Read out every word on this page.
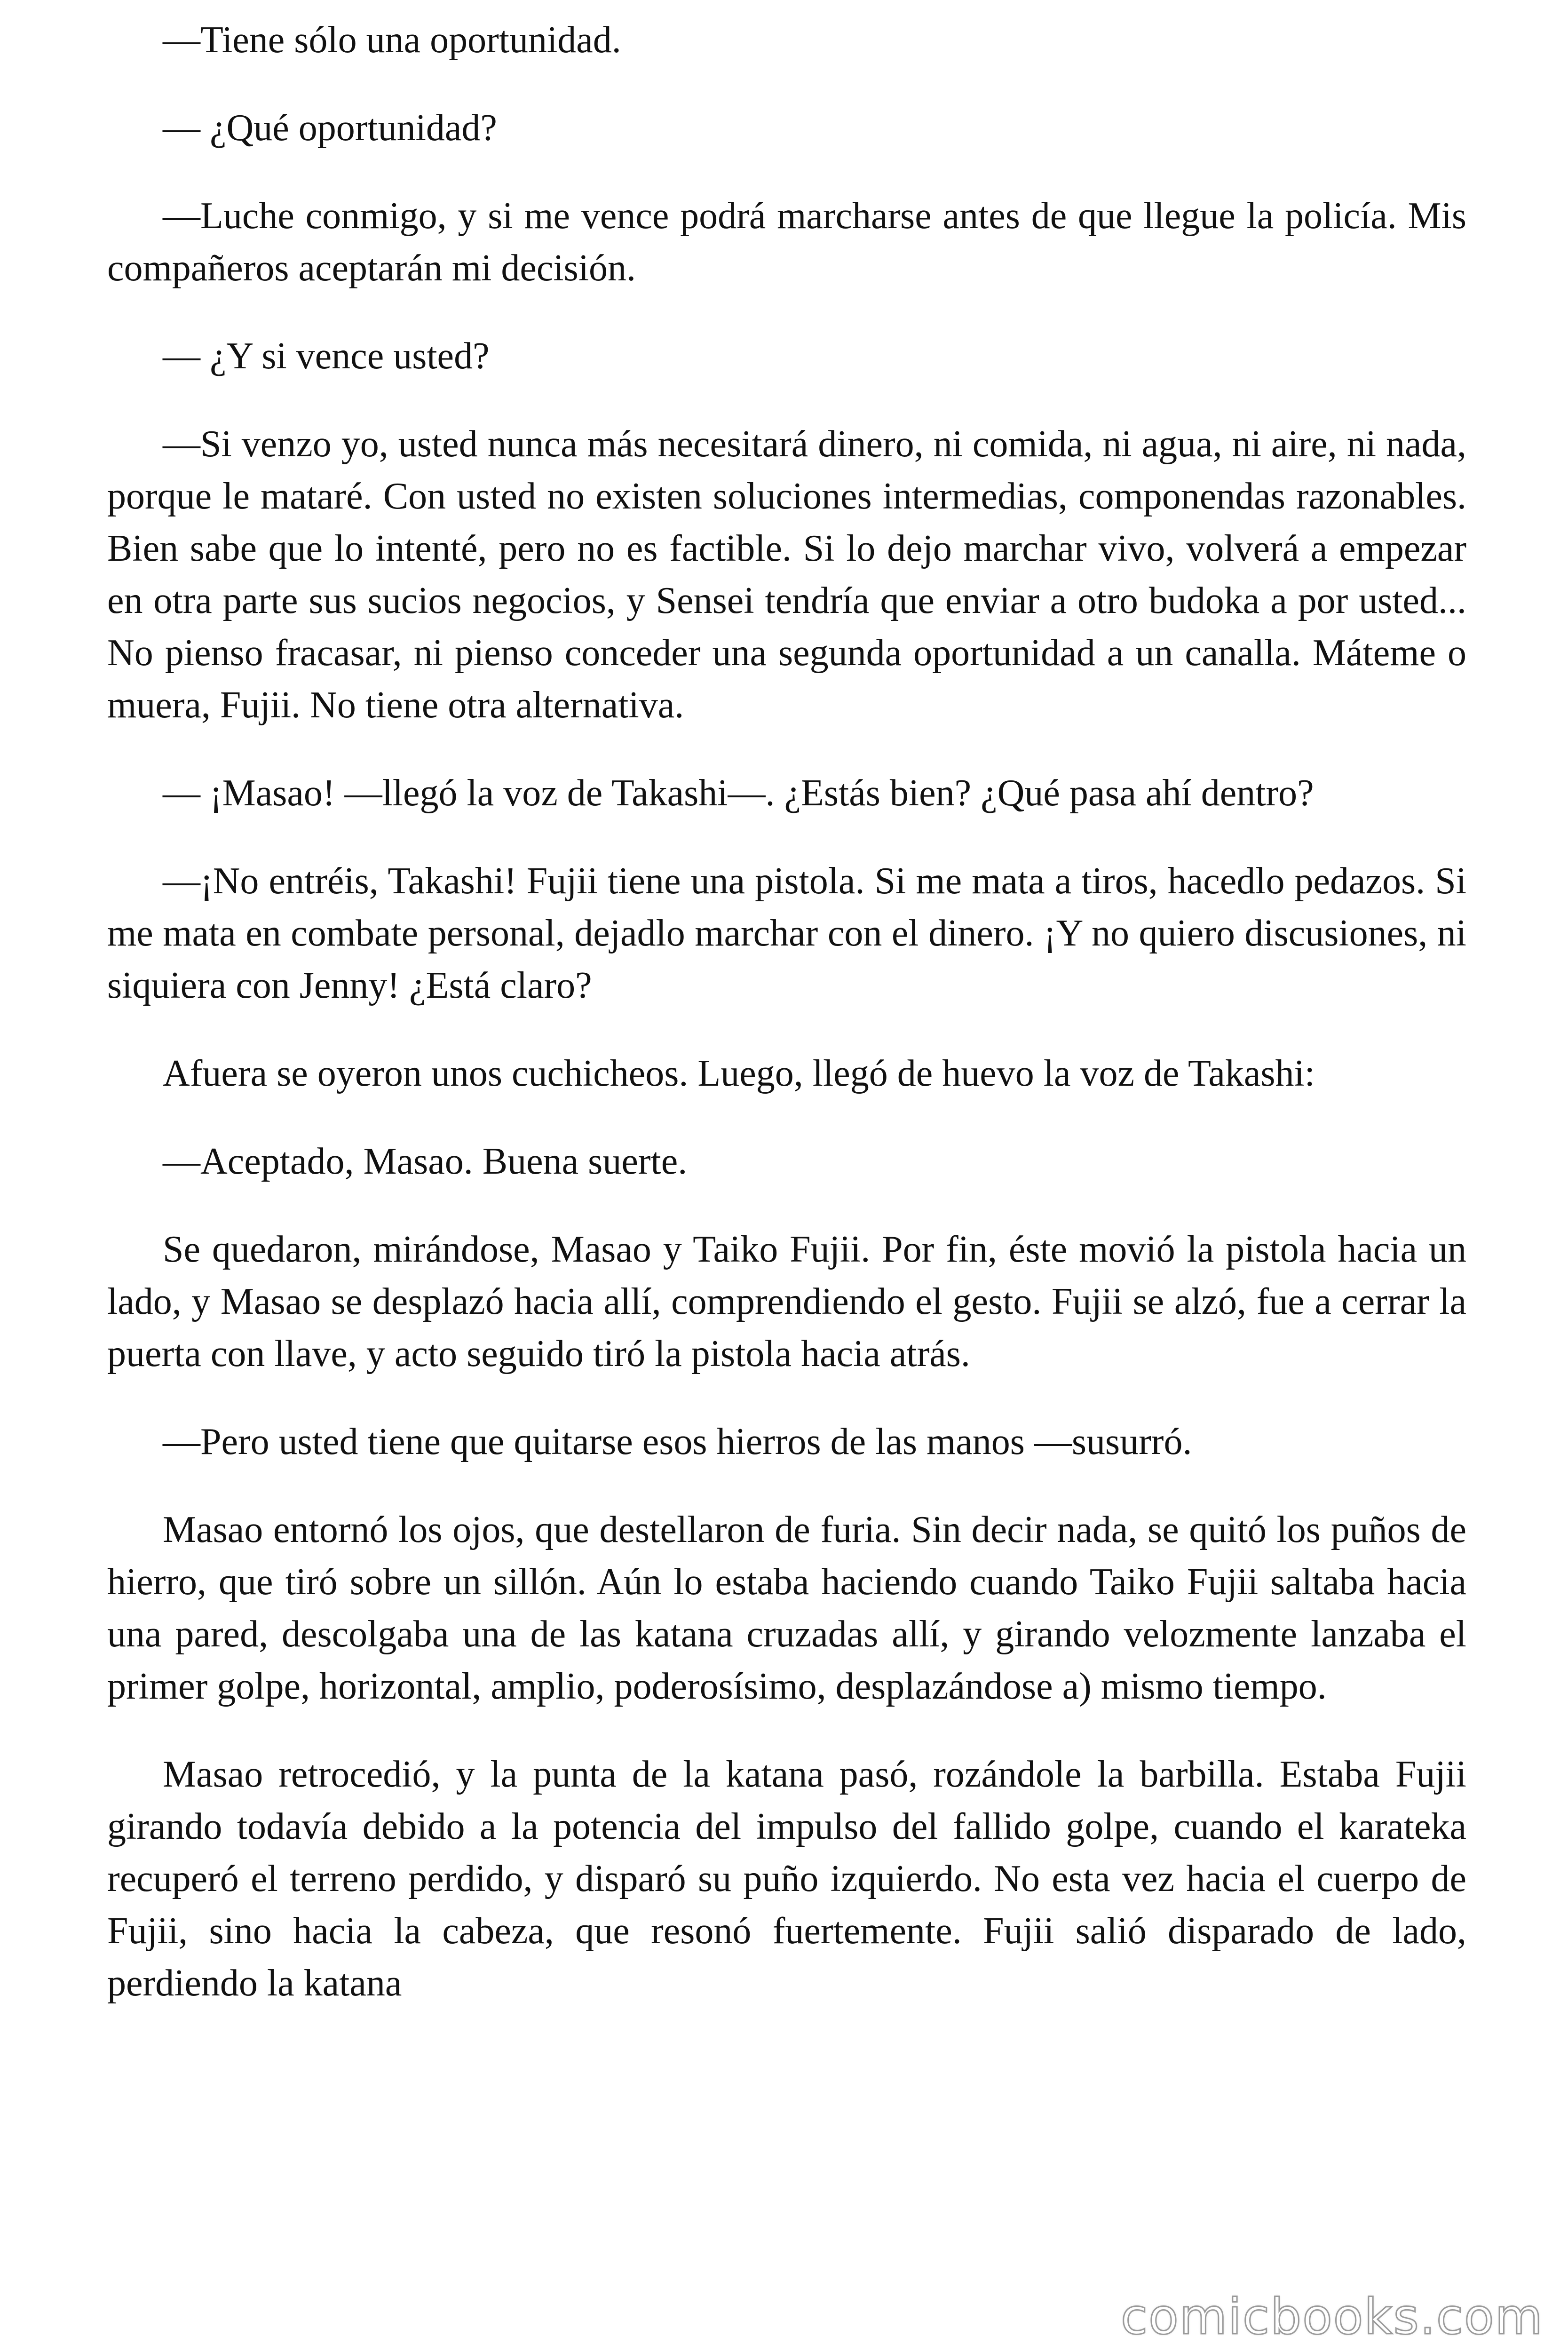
—Tiene sólo una oportunidad.

— ¿Qué oportunidad?

—Luche conmigo, y si me vence podrá marcharse antes de que llegue la policía. Mis compañeros aceptarán mi decisión.

— ¿Y si vence usted?

—Si venzo yo, usted nunca más necesitará dinero, ni comida, ni agua, ni aire, ni nada, porque le mataré. Con usted no existen soluciones intermedias, componendas razonables. Bien sabe que lo intenté, pero no es factible. Si lo dejo marchar vivo, volverá a empezar en otra parte sus sucios negocios, y Sensei tendría que enviar a otro budoka a por usted... No pienso fracasar, ni pienso conceder una segunda oportunidad a un canalla. Máteme o muera, Fujii. No tiene otra alternativa.

— ¡Masao! —llegó la voz de Takashi—. ¿Estás bien? ¿Qué pasa ahí dentro?

—¡No entréis, Takashi! Fujii tiene una pistola. Si me mata a tiros, hacedlo pedazos. Si me mata en combate personal, dejadlo marchar con el dinero. ¡Y no quiero discusiones, ni siquiera con Jenny! ¿Está claro?

Afuera se oyeron unos cuchicheos. Luego, llegó de huevo la voz de Takashi:

—Aceptado, Masao. Buena suerte.

Se quedaron, mirándose, Masao y Taiko Fujii. Por fin, éste movió la pistola hacia un lado, y Masao se desplazó hacia allí, comprendiendo el gesto. Fujii se alzó, fue a cerrar la puerta con llave, y acto seguido tiró la pistola hacia atrás.

—Pero usted tiene que quitarse esos hierros de las manos —susurró.

Masao entornó los ojos, que destellaron de furia. Sin decir nada, se quitó los puños de hierro, que tiró sobre un sillón. Aún lo estaba haciendo cuando Taiko Fujii saltaba hacia una pared, descolgaba una de las katana cruzadas allí, y girando velozmente lanzaba el primer golpe, horizontal, amplio, poderosísimo, desplazándose a) mismo tiempo.

Masao retrocedió, y la punta de la katana pasó, rozándole la barbilla. Estaba Fujii girando todavía debido a la potencia del impulso del fallido golpe, cuando el karateka recuperó el terreno perdido, y disparó su puño izquierdo. No esta vez hacia el cuerpo de Fujii, sino hacia la cabeza, que resonó fuertemente. Fujii salió disparado de lado, perdiendo la katana

comicbooks.com
